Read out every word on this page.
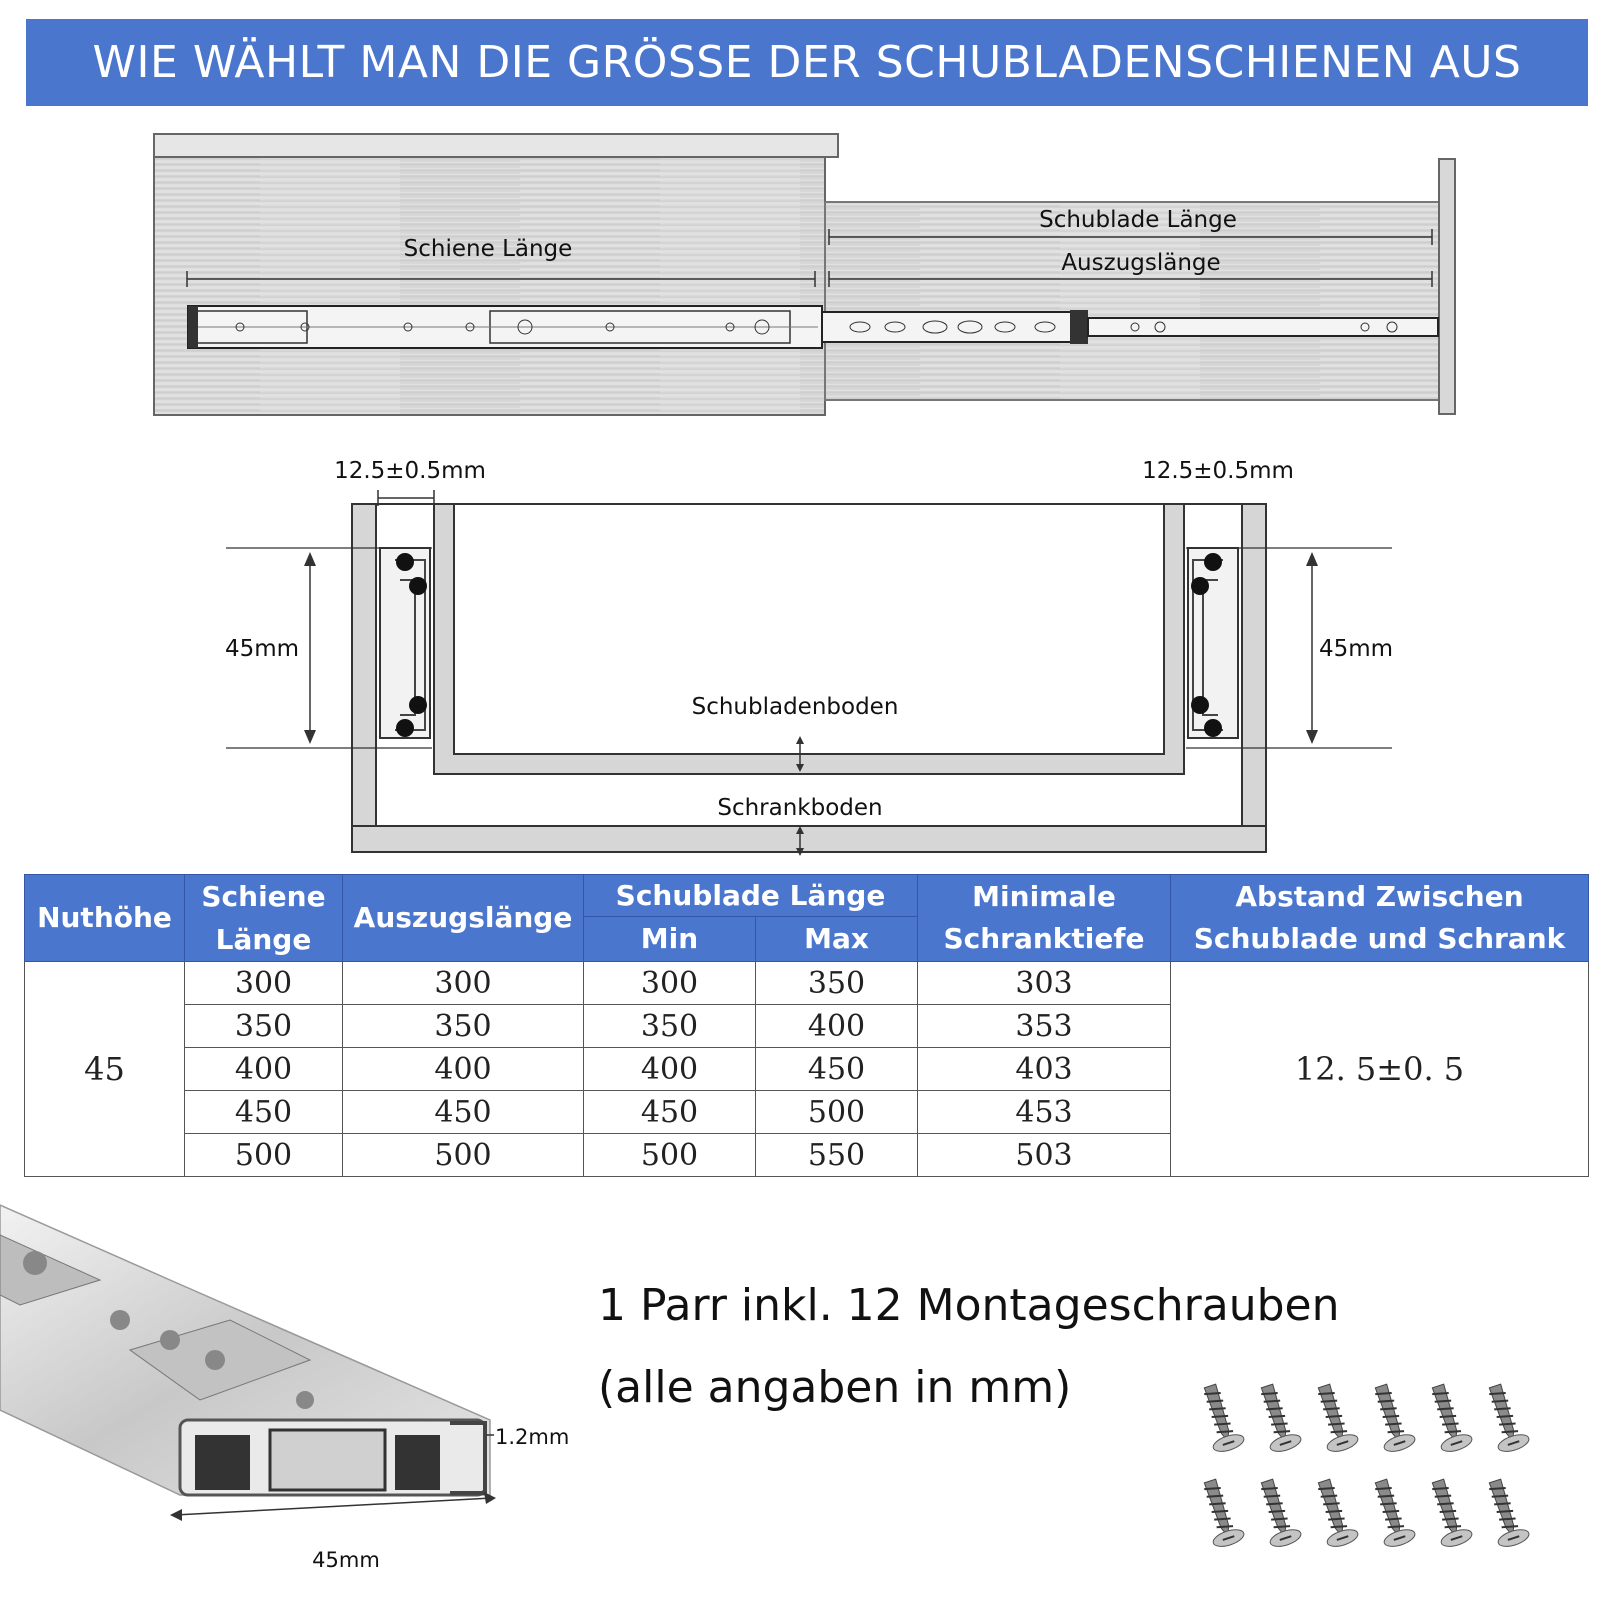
WIE WÄHLT MAN DIE GRÖSSE DER SCHUBLADENSCHIENEN AUS
Schiene Länge
Schublade Länge
Auszugslänge
12.5±0.5mm	12.5±0.5mm
45mm	45mm
Schubladenboden
Schrankboden
Nuthöhe	Schiene Länge	Auszugslänge	Schublade Länge		Minimale Schranktiefe	Abstand Zwischen Schublade und Schrank
			Min	Max		
45	300	300	300	350	303	12. 5±0. 5
	350	350	350	400	353	
	400	400	400	450	403	
	450	450	450	500	453	
	500	500	500	550	503	
1.2mm
45mm
1 Parr inkl. 12 Montageschrauben
(alle angaben in mm)
